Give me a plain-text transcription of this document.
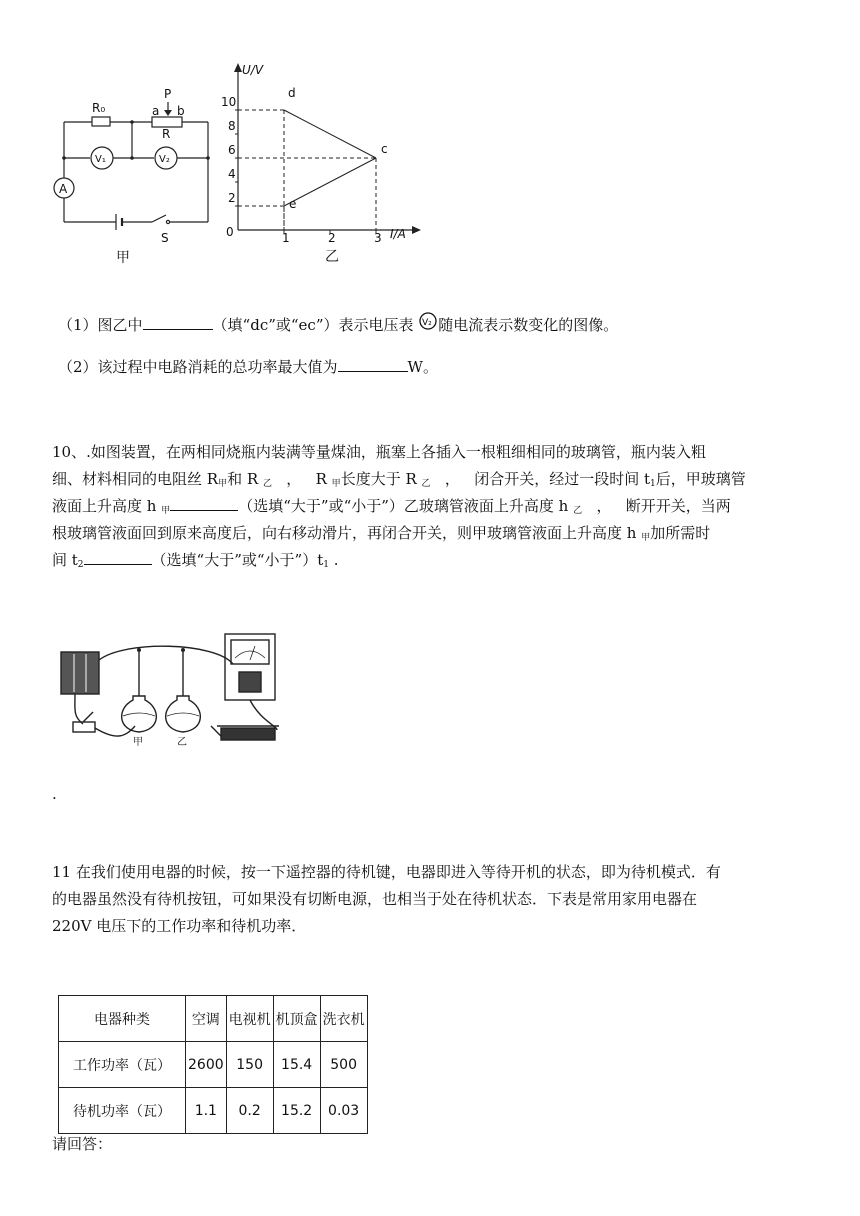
R₀	a b
P
R
V₁	V₂
A
S
甲
U/V
I/A
0
10
8
6
4
2
1	2	3
d
c
e
乙
（1）图乙中	（填“dc”或“ec”）表示电压表 V₂ 随电流表示数变化的图像。
（2）该过程中电路消耗的总功率最大值为	W。
10、.如图装置，在两相同烧瓶内装满等量煤油，瓶塞上各插入一根粗细相同的玻璃管，瓶内装入粗
细、材料相同的电阻丝 $R_甲$和 R $_乙$ ， R $_甲$长度大于 R $_乙$ ， 闭合开关，经过一段时间 $t_1$后，甲玻璃管
液面上升高度 h $_甲$	（选填“大于”或“小于”）乙玻璃管液面上升高度 h $_乙$ ， 断开开关，当两
根玻璃管液面回到原来高度后，向右移动滑片，再闭合开关，则甲玻璃管液面上升高度 h $_甲$加所需时
间 $t_2$	（选填“大于”或“小于$”)t_1$ .
甲	乙
.
11 在我们使用电器的时候，按一下遥控器的待机键，电器即进入等待开机的状态，即为待机模式．有
的电器虽然没有待机按钮，可如果没有切断电源，也相当于处在待机状态．下表是常用家用电器在
220V 电压下的工作功率和待机功率．
电器种类	空调	电视机	机顶盒	洗衣机
工作功率（瓦）	2600	150	15.4	500
待机功率（瓦）	1.1	0.2	15.2	0.03
请回答：
